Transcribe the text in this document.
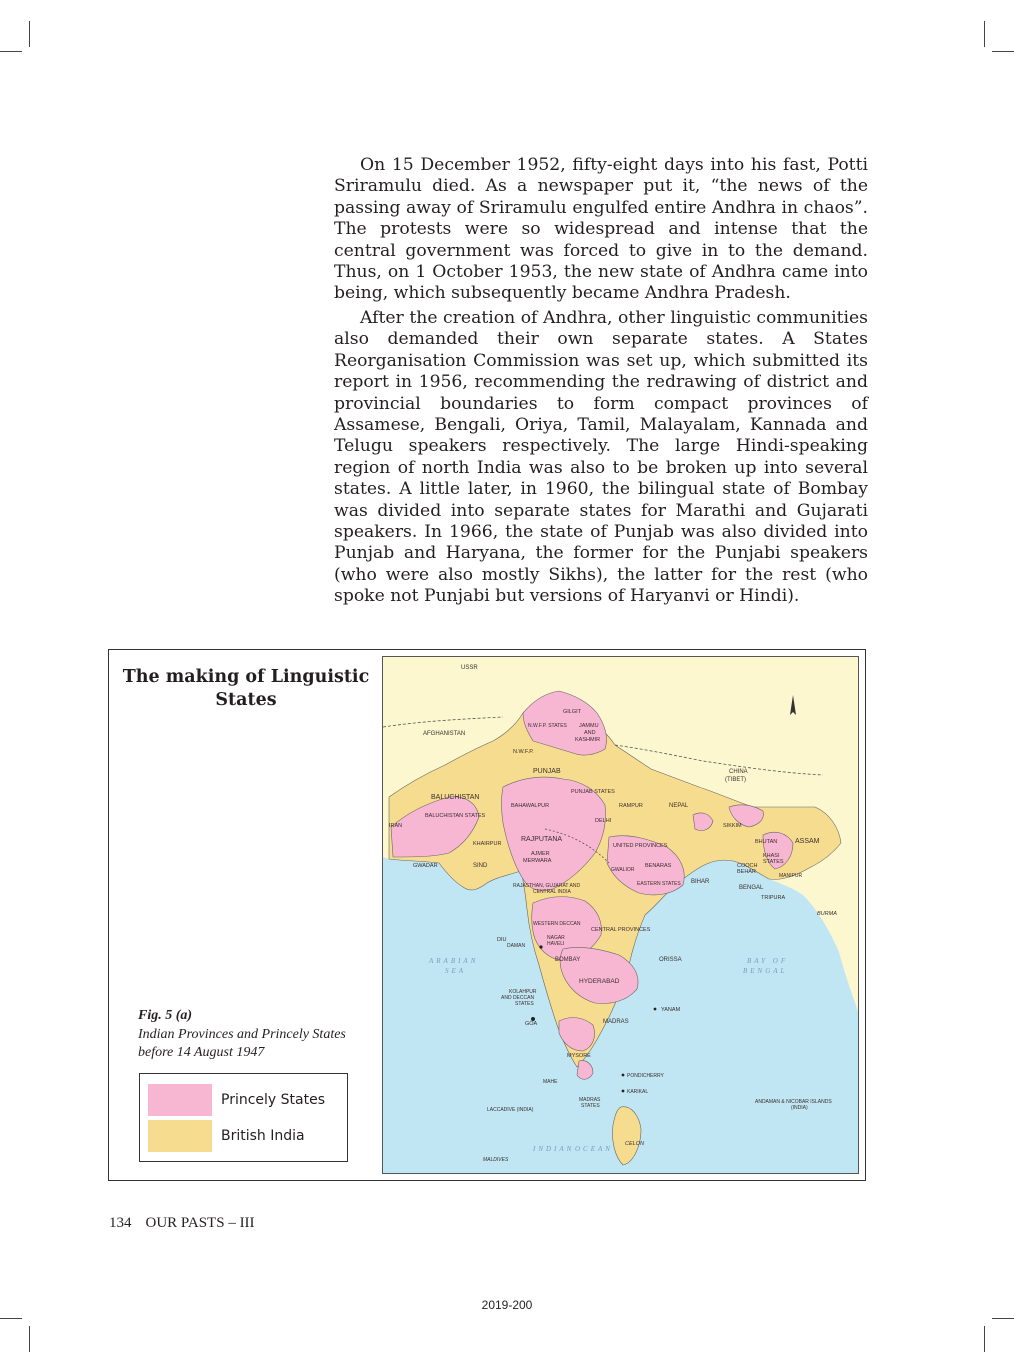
On 15 December 1952, fifty-eight days into his fast, Potti Sriramulu died. As a newspaper put it, “the news of the passing away of Sriramulu engulfed entire Andhra in chaos”. The protests were so widespread and intense that the central government was forced to give in to the demand. Thus, on 1 October 1953, the new state of Andhra came into being, which subsequently became Andhra Pradesh.

After the creation of Andhra, other linguistic communities also demanded their own separate states. A States Reorganisation Commission was set up, which submitted its report in 1956, recommending the redrawing of district and provincial boundaries to form compact provinces of Assamese, Bengali, Oriya, Tamil, Malayalam, Kannada and Telugu speakers respectively. The large Hindi-speaking region of north India was also to be broken up into several states. A little later, in 1960, the bilingual state of Bombay was divided into separate states for Marathi and Gujarati speakers. In 1966, the state of Punjab was also divided into Punjab and Haryana, the former for the Punjabi speakers (who were also mostly Sikhs), the latter for the rest (who spoke not Punjabi but versions of Haryanvi or Hindi).

The making of Linguistic States
Fig. 5 (a)
Indian Provinces and Princely States before 14 August 1947
Princely States
British India
USSR
AFGHANISTAN
CHINA
(TIBET)
GILGIT
N.W.F.P. STATES JAMMU
AND
KASHMIR
N.W.F.P.
PUNJAB
PUNJAB STATES
BALUCHISTAN
BALUCHISTAN STATES
IRAN
BAHAWALPUR	RAMPUR
DELHI
NEPAL
SIKKIM
BHUTAN	ASSAM
RAJPUTANA
KHAIRPUR	UNITED PROVINCES
KHASI
STATES
GWADAR	SIND
AJMER
MERWARA
BENARAS	COOCH
BEHAR
MANIPUR
BIHAR
BENGAL
TRIPURA
GWALIOR
RAJASTHAN, GUJARAT AND
CENTRAL INDIA
EASTERN STATES
BURMA
WESTERN DECCAN
CENTRAL PROVINCES
NAGAR
HAVELI
DIU
DAMAN
ARABIAN
SEA
BOMBAY	ORISSA	BAY OF
BENGAL
HYDERABAD
KOLAHPUR
AND DECCAN
STATES
YANAM
GOA	MADRAS
MYSORE
PONDICHERRY
MAHE
KARIKAL
MADRAS
STATES
ANDAMAN & NICOBAR ISLANDS
(INDIA)
LACCADIVE (INDIA)
CELON
INDIAN OCEAN
MALDIVES
134 OUR PASTS – III
2019-200
